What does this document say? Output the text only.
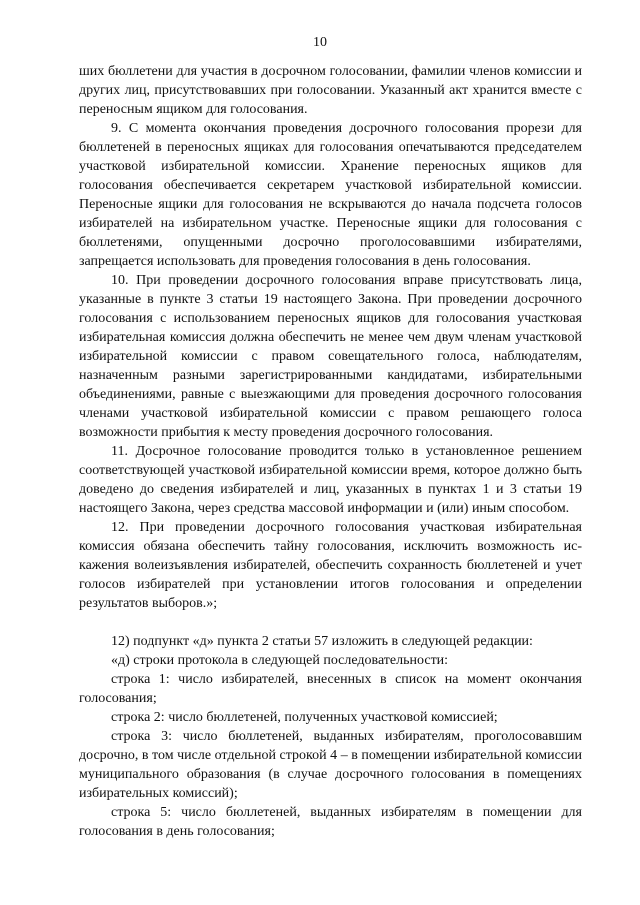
10

ших бюллетени для участия в досрочном голосовании, фамилии членов комиссии и других лиц, присутствовавших при голосовании. Указанный акт хранится вместе с переносным ящиком для голосования.

9. С момента окончания проведения досрочного голосования прорези для бюллетеней в переносных ящиках для голосования опечатываются председателем участковой избирательной комиссии. Хранение переносных ящиков для голосования обеспечивается секретарем участковой избирательной комиссии. Переносные ящики для голосования не вскрываются до начала подсчета голосов избирателей на избирательном участке. Переносные ящики для голосования с бюллетенями, опущенными досрочно проголосовавшими избирателями, запрещается использовать для проведения голосования в день голосования.

10. При проведении досрочного голосования вправе присутствовать лица, указанные в пункте 3 статьи 19 настоящего Закона. При проведении досрочного голосования с использованием переносных ящиков для голосования участковая избирательная комиссия должна обеспечить не менее чем двум членам участковой избирательной комиссии с правом совещательного голоса, наблюдателям, назначенным разными зарегистрированными кандидатами, избирательными объединениями, равные с выезжающими для проведения досрочного голосования членами участковой избирательной комиссии с правом решающего голоса возможности прибытия к месту проведения досрочного голосования.

11. Досрочное голосование проводится только в установленное решением соответствующей участковой избирательной комиссии время, которое должно быть доведено до сведения избирателей и лиц, указанных в пунктах 1 и 3 статьи 19 настоящего Закона, через средства массовой информации и (или) иным способом.

12. При проведении досрочного голосования участковая избирательная комиссия обязана обеспечить тайну голосования, исключить возможность искажения волеизъявления избирателей, обеспечить сохранность бюллетеней и учет голосов избирателей при установлении итогов голосования и определении результатов выборов.»;

12) подпункт «д» пункта 2 статьи 57 изложить в следующей редакции:

«д) строки протокола в следующей последовательности:

строка 1: число избирателей, внесенных в список на момент окончания голосования;

строка 2: число бюллетеней, полученных участковой комиссией;

строка 3: число бюллетеней, выданных избирателям, проголосовавшим досрочно, в том числе отдельной строкой 4 – в помещении избирательной комиссии муниципального образования (в случае досрочного голосования в помещениях избирательных комиссий);

строка 5: число бюллетеней, выданных избирателям в помещении для голосования в день голосования;
